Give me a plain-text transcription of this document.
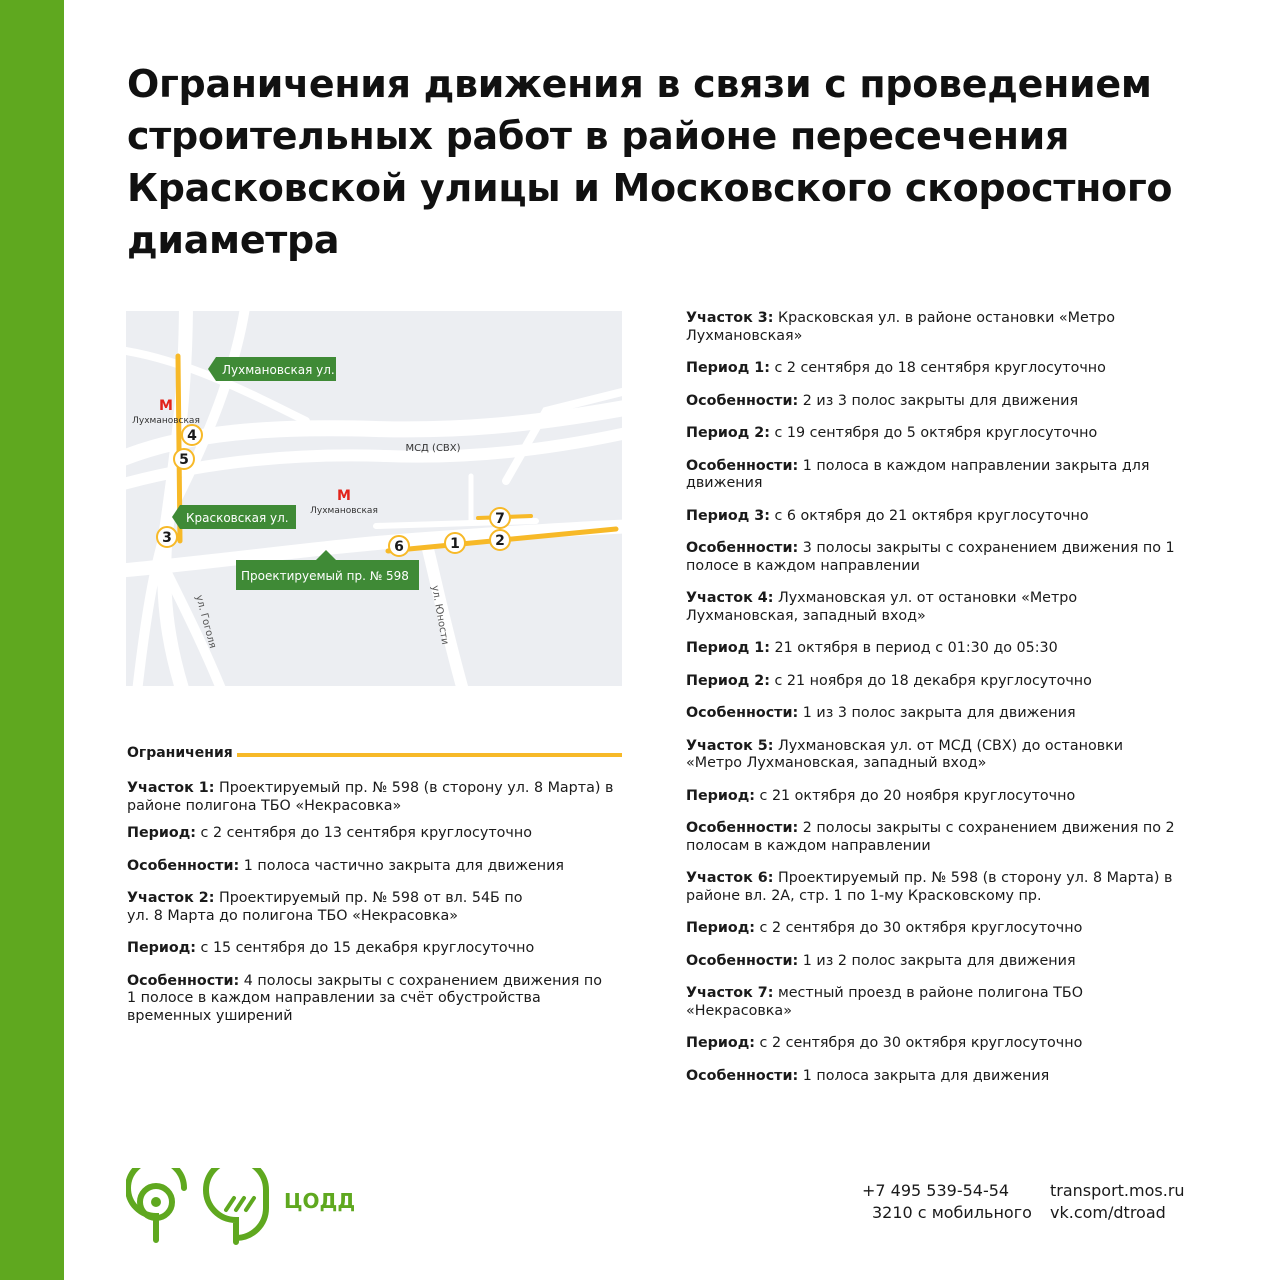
Ограничения движения в связи с проведением строительных работ в районе пересечения Красковской улицы и Московского скоростного диаметра
4
5
3
6	1	2
7
М
Лухмановская
М
Лухмановская
МСД (СВХ)
ул. Гоголя	ул. Юности
Лухмановская ул.
Красковская ул.
Проектируемый пр. № 598
Ограничения

Участок 1: Проектируемый пр. № 598 (в сторону ул. 8 Марта) в районе полигона ТБО «Некрасовка»

Период: с 2 сентября до 13 сентября круглосуточно

Особенности: 1 полоса частично закрыта для движения

Участок 2: Проектируемый пр. № 598 от вл. 54Б по ул. 8 Марта до полигона ТБО «Некрасовка»

Период: с 15 сентября до 15 декабря круглосуточно

Особенности: 4 полосы закрыты с сохранением движения по 1 полосе в каждом направлении за счёт обустройства временных уширений

Участок 3: Красковская ул. в районе остановки «Метро Лухмановская»

Период 1: с 2 сентября до 18 сентября круглосуточно

Особенности: 2 из 3 полос закрыты для движения

Период 2: с 19 сентября до 5 октября круглосуточно

Особенности: 1 полоса в каждом направлении закрыта для движения

Период 3: с 6 октября до 21 октября круглосуточно

Особенности: 3 полосы закрыты с сохранением движения по 1 полосе в каждом направлении

Участок 4: Лухмановская ул. от остановки «Метро Лухмановская, западный вход»

Период 1: 21 октября в период с 01:30 до 05:30

Период 2: с 21 ноября до 18 декабря круглосуточно

Особенности: 1 из 3 полос закрыта для движения

Участок 5: Лухмановская ул. от МСД (СВХ) до остановки «Метро Лухмановская, западный вход»

Период: с 21 октября до 20 ноября круглосуточно

Особенности: 2 полосы закрыты с сохранением движения по 2 полосам в каждом направлении

Участок 6: Проектируемый пр. № 598 (в сторону ул. 8 Марта) в районе вл. 2А, стр. 1 по 1-му Красковскому пр.

Период: с 2 сентября до 30 октября круглосуточно

Особенности: 1 из 2 полос закрыта для движения

Участок 7: местный проезд в районе полигона ТБО «Некрасовка»

Период: с 2 сентября до 30 октября круглосуточно

Особенности: 1 полоса закрыта для движения

ЦОДД	+7 495 539-54-54
3210 с мобильного
transport.mos.ru
vk.com/dtroad
